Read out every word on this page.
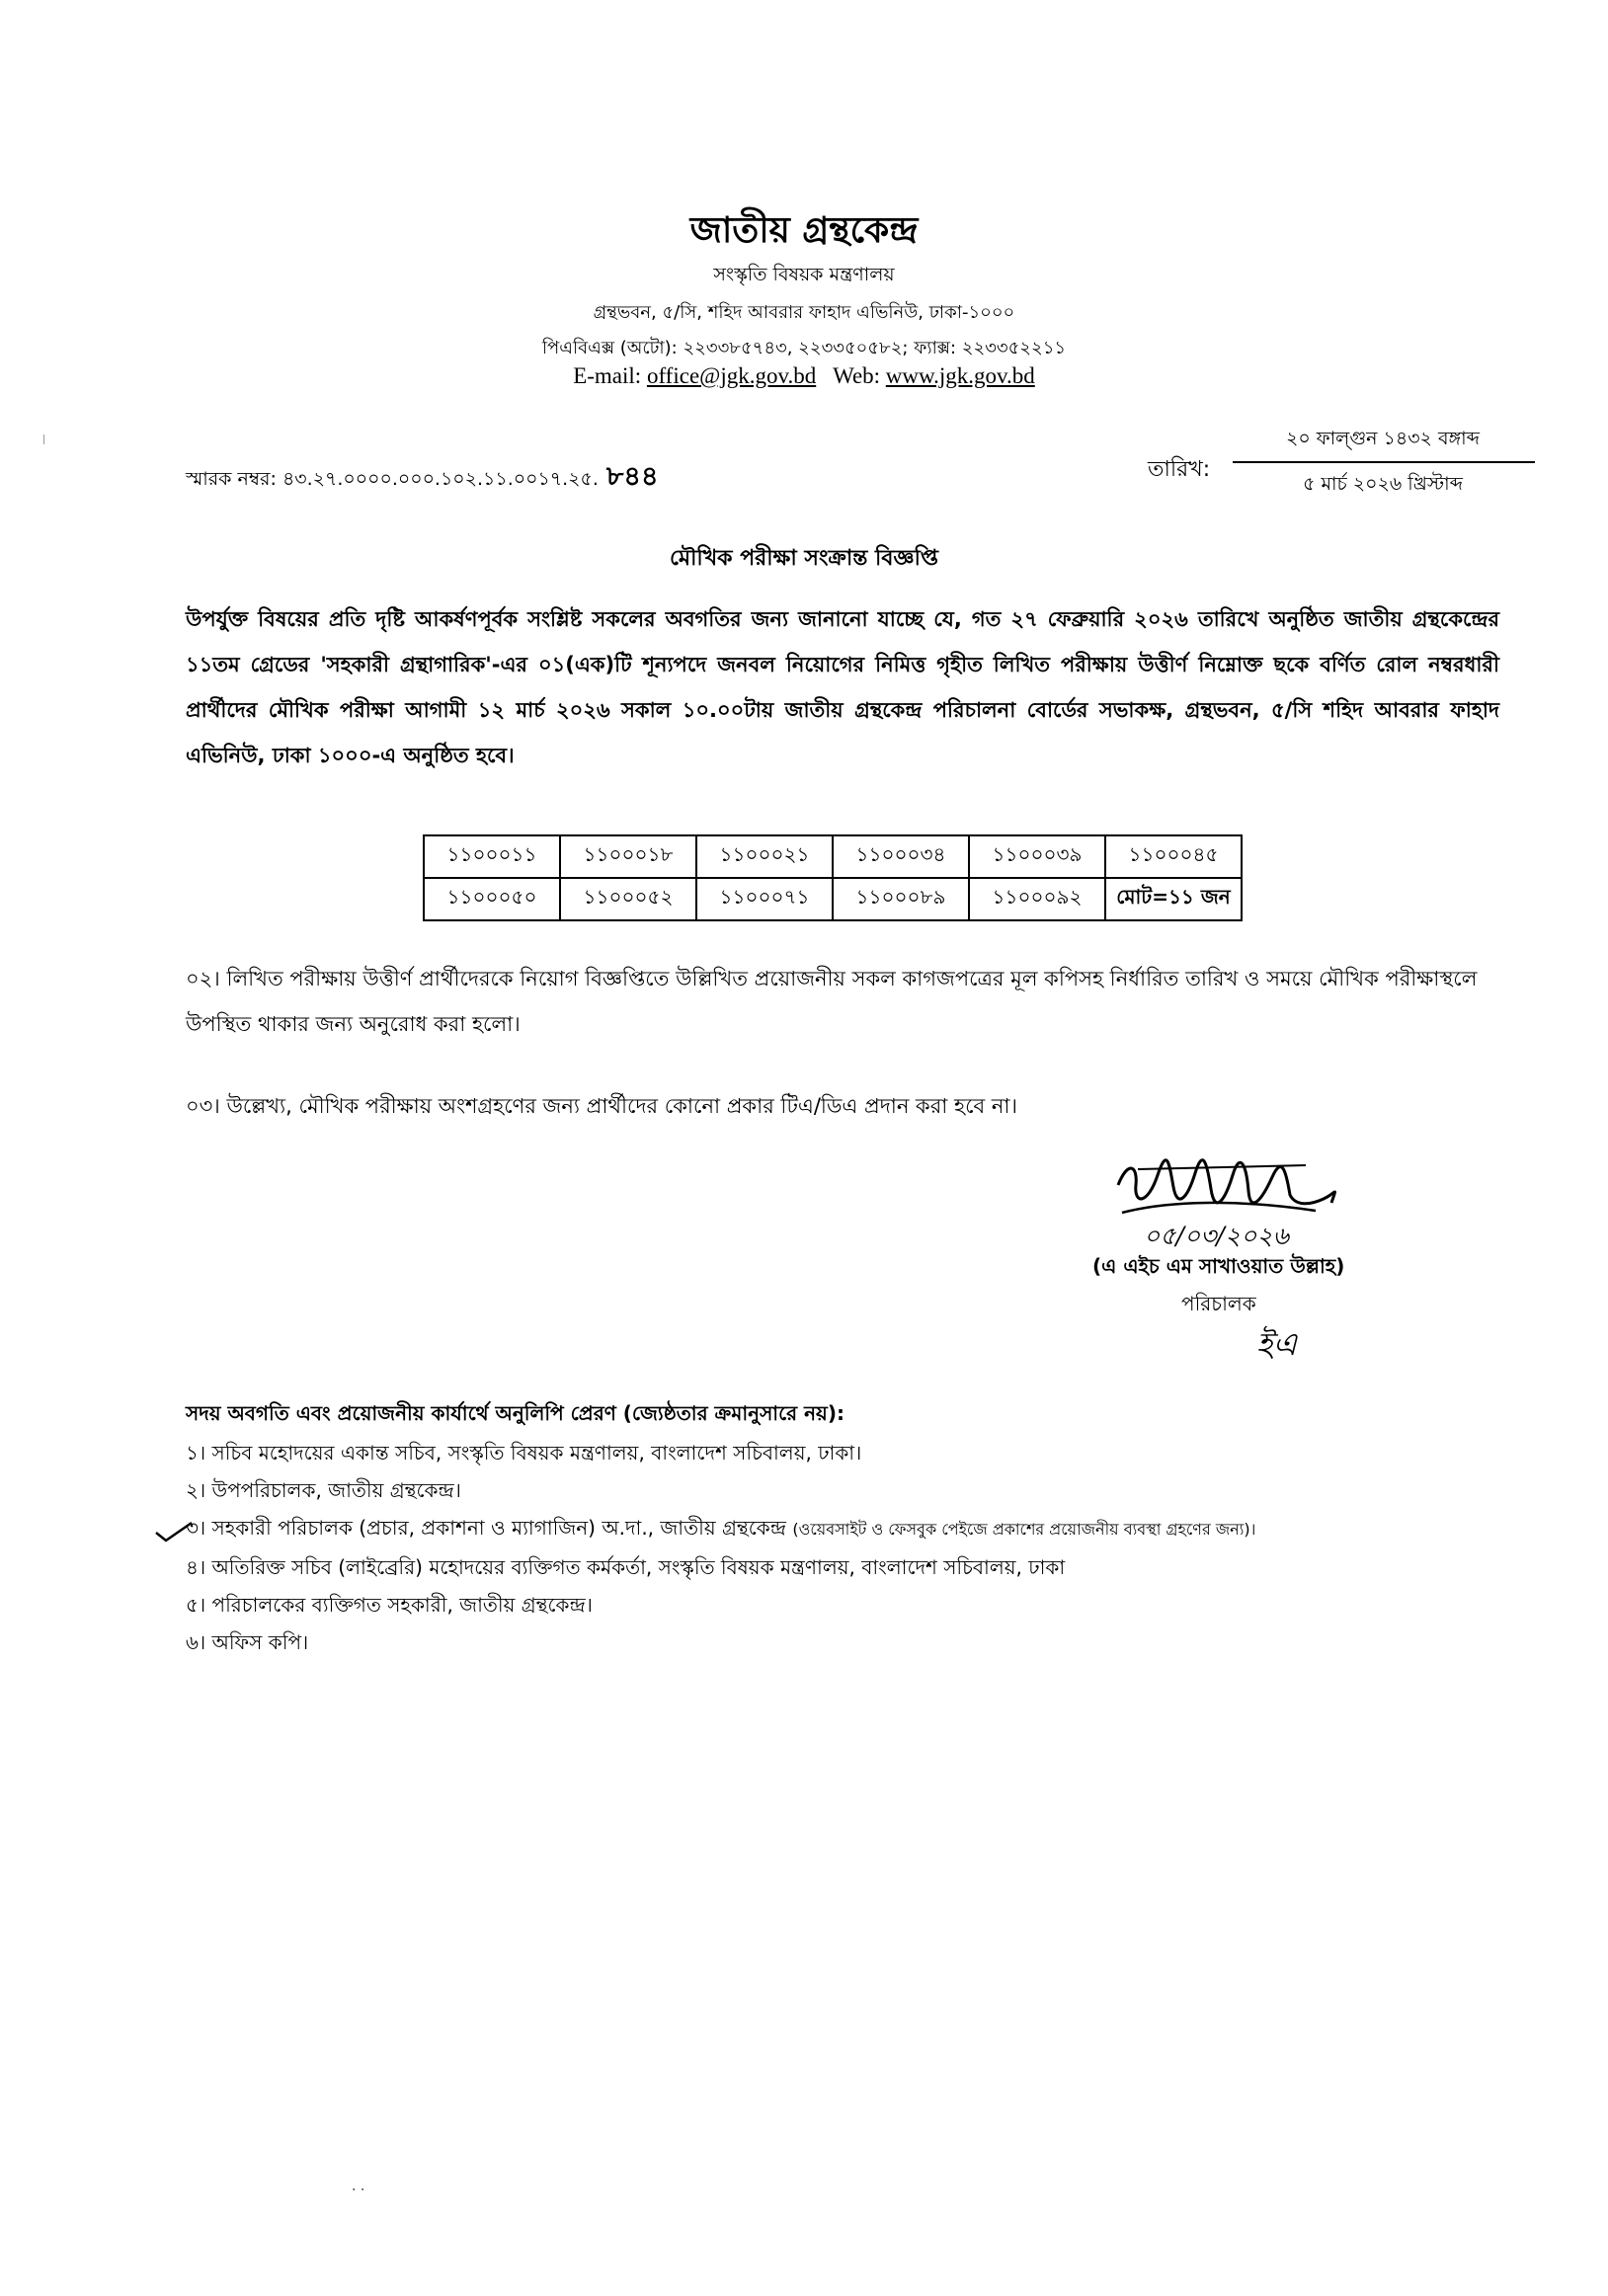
জাতীয় গ্রন্থকেন্দ্র
সংস্কৃতি বিষয়ক মন্ত্রণালয়
গ্রন্থভবন, ৫/সি, শহিদ আবরার ফাহাদ এভিনিউ, ঢাকা-১০০০
পিএবিএক্স (অটো): ২২৩৩৮৫৭৪৩, ২২৩৩৫০৫৮২; ফ্যাক্স: ২২৩৩৫২২১১
E-mail: office@jgk.gov.bd Web: www.jgk.gov.bd
স্মারক নম্বর: ৪৩.২৭.০০০০.০০০.১০২.১১.০০১৭.২৫. ৮৪৪	তারিখ:
২০ ফাল্গুন ১৪৩২ বঙ্গাব্দ
৫ মার্চ ২০২৬ খ্রিস্টাব্দ
মৌখিক পরীক্ষা সংক্রান্ত বিজ্ঞপ্তি
উপর্যুক্ত বিষয়ের প্রতি দৃষ্টি আকর্ষণপূর্বক সংশ্লিষ্ট সকলের অবগতির জন্য জানানো যাচ্ছে যে, গত ২৭ ফেব্রুয়ারি ২০২৬ তারিখে অনুষ্ঠিত জাতীয় গ্রন্থকেন্দ্রের ১১তম গ্রেডের 'সহকারী গ্রন্থাগারিক'-এর ০১(এক)টি শূন্যপদে জনবল নিয়োগের নিমিত্ত গৃহীত লিখিত পরীক্ষায় উত্তীর্ণ নিম্নোক্ত ছকে বর্ণিত রোল নম্বরধারী প্রার্থীদের মৌখিক পরীক্ষা আগামী ১২ মার্চ ২০২৬ সকাল ১০.০০টায় জাতীয় গ্রন্থকেন্দ্র পরিচালনা বোর্ডের সভাকক্ষ, গ্রন্থভবন, ৫/সি শহিদ আবরার ফাহাদ এভিনিউ, ঢাকা ১০০০-এ অনুষ্ঠিত হবে।
১১০০০১১	১১০০০১৮	১১০০০২১	১১০০০৩৪	১১০০০৩৯	১১০০০৪৫
১১০০০৫০	১১০০০৫২	১১০০০৭১	১১০০০৮৯	১১০০০৯২	মোট=১১ জন
০২। লিখিত পরীক্ষায় উত্তীর্ণ প্রার্থীদেরকে নিয়োগ বিজ্ঞপ্তিতে উল্লিখিত প্রয়োজনীয় সকল কাগজপত্রের মূল কপিসহ নির্ধারিত তারিখ ও সময়ে মৌখিক পরীক্ষাস্থলে উপস্থিত থাকার জন্য অনুরোধ করা হলো।
০৩। উল্লেখ্য, মৌখিক পরীক্ষায় অংশগ্রহণের জন্য প্রার্থীদের কোনো প্রকার টিএ/ডিএ প্রদান করা হবে না।
০৫/০৩/২০২৬
(এ এইচ এম সাখাওয়াত উল্লাহ)
পরিচালক
ইএ
সদয় অবগতি এবং প্রয়োজনীয় কার্যার্থে অনুলিপি প্রেরণ (জ্যেষ্ঠতার ক্রমানুসারে নয়):
১। সচিব মহোদয়ের একান্ত সচিব, সংস্কৃতি বিষয়ক মন্ত্রণালয়, বাংলাদেশ সচিবালয়, ঢাকা।
২। উপপরিচালক, জাতীয় গ্রন্থকেন্দ্র।
৩। সহকারী পরিচালক (প্রচার, প্রকাশনা ও ম্যাগাজিন) অ.দা., জাতীয় গ্রন্থকেন্দ্র (ওয়েবসাইট ও ফেসবুক পেইজে প্রকাশের প্রয়োজনীয় ব্যবস্থা গ্রহণের জন্য)।
৪। অতিরিক্ত সচিব (লাইব্রেরি) মহোদয়ের ব্যক্তিগত কর্মকর্তা, সংস্কৃতি বিষয়ক মন্ত্রণালয়, বাংলাদেশ সচিবালয়, ঢাকা
৫। পরিচালকের ব্যক্তিগত সহকারী, জাতীয় গ্রন্থকেন্দ্র।
৬। অফিস কপি।
· ·
